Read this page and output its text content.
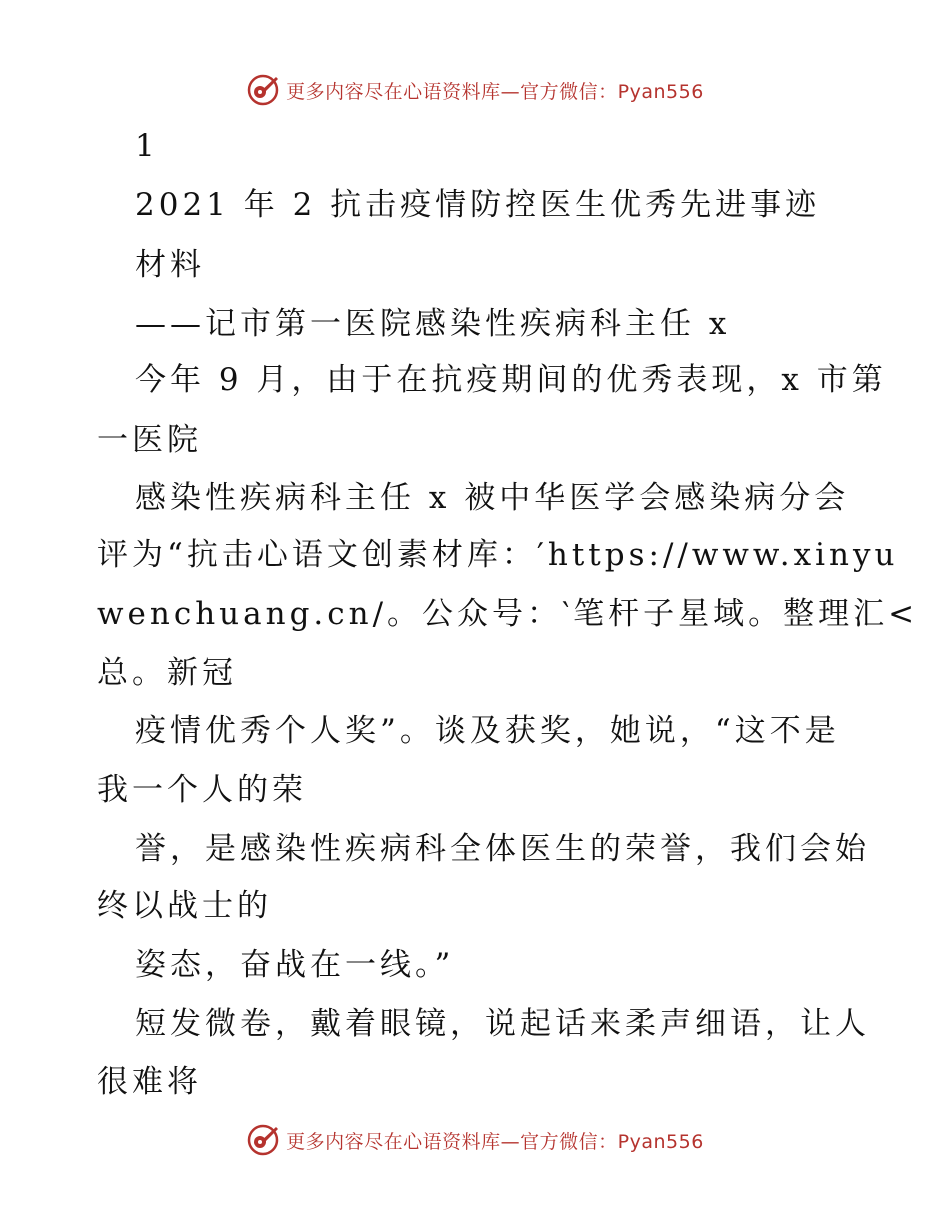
更多内容尽在心语资料库—官方微信：Pyan556
1
2021 年 2 抗击疫情防控医生优秀先进事迹
材料
——记市第一医院感染性疾病科主任 x
今年 9 月，由于在抗疫期间的优秀表现，x 市第
一医院
感染性疾病科主任 x 被中华医学会感染病分会
评为“抗击心语文创素材库：′https://www.xinyu
wenchuang.cn/。公众号：‵笔杆子星域。整理汇<
总。新冠
疫情优秀个人奖”。谈及获奖，她说，“这不是
我一个人的荣
誉，是感染性疾病科全体医生的荣誉，我们会始
终以战士的
姿态，奋战在一线。”
短发微卷，戴着眼镜，说起话来柔声细语，让人
很难将
更多内容尽在心语资料库—官方微信：Pyan556
